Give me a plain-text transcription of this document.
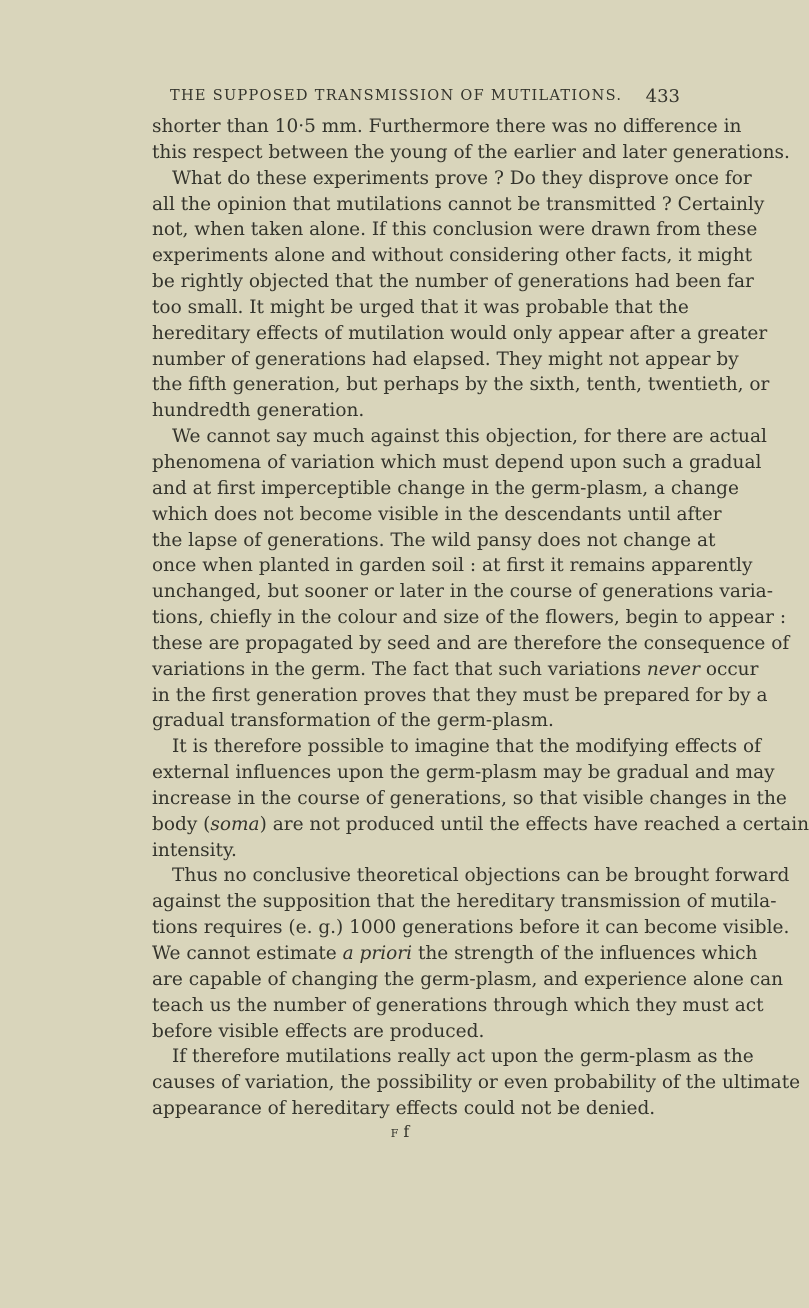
THE SUPPOSED TRANSMISSION OF MUTILATIONS. 433
shorter than 10·5 mm. Furthermore there was no difference in
this respect between the young of the earlier and later generations.
What do these experiments prove ? Do they disprove once for
all the opinion that mutilations cannot be transmitted ? Certainly
not, when taken alone. If this conclusion were drawn from these
experiments alone and without considering other facts, it might
be rightly objected that the number of generations had been far
too small. It might be urged that it was probable that the
hereditary effects of mutilation would only appear after a greater
number of generations had elapsed. They might not appear by
the fifth generation, but perhaps by the sixth, tenth, twentieth, or
hundredth generation.
We cannot say much against this objection, for there are actual
phenomena of variation which must depend upon such a gradual
and at first imperceptible change in the germ-plasm, a change
which does not become visible in the descendants until after
the lapse of generations. The wild pansy does not change at
once when planted in garden soil : at first it remains apparently
unchanged, but sooner or later in the course of generations varia-
tions, chiefly in the colour and size of the flowers, begin to appear :
these are propagated by seed and are therefore the consequence of
variations in the germ. The fact that such variations never occur
in the first generation proves that they must be prepared for by a
gradual transformation of the germ-plasm.
It is therefore possible to imagine that the modifying effects of
external influences upon the germ-plasm may be gradual and may
increase in the course of generations, so that visible changes in the
body (soma) are not produced until the effects have reached a certain
intensity.
Thus no conclusive theoretical objections can be brought forward
against the supposition that the hereditary transmission of mutila-
tions requires (e. g.) 1000 generations before it can become visible.
We cannot estimate a priori the strength of the influences which
are capable of changing the germ-plasm, and experience alone can
teach us the number of generations through which they must act
before visible effects are produced.
If therefore mutilations really act upon the germ-plasm as the
causes of variation, the possibility or even probability of the ultimate
appearance of hereditary effects could not be denied.
F f
